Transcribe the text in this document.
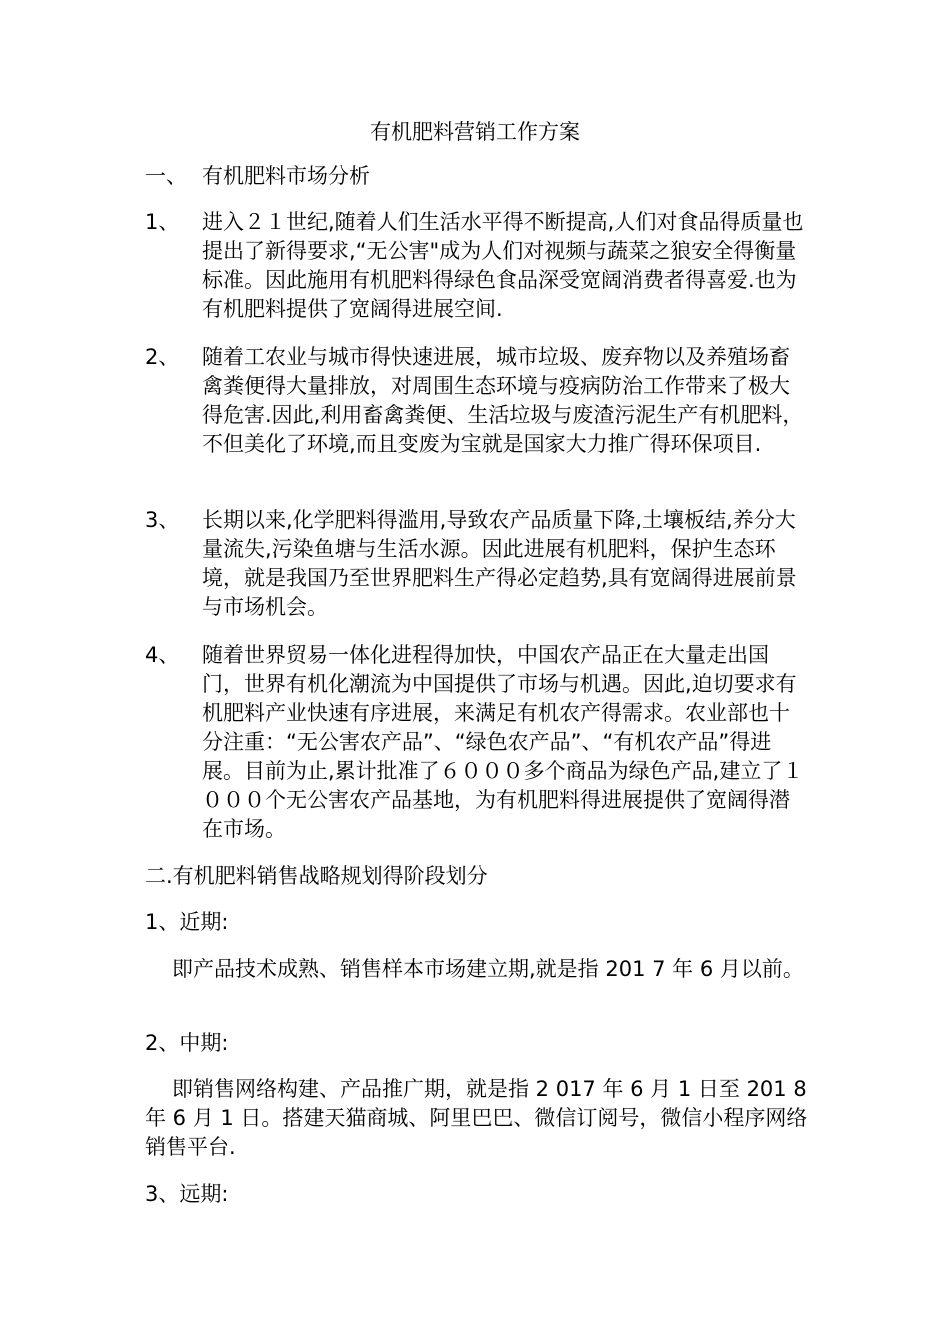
有机肥料营销工作方案
一、 有机肥料市场分析
1、	进入２１世纪,随着人们生活水平得不断提高,人们对食品得质量也提出了新得要求,“无公害"成为人们对视频与蔬菜之狼安全得衡量标准。因此施用有机肥料得绿色食品深受宽阔消费者得喜爱.也为有机肥料提供了宽阔得进展空间.
2、	随着工农业与城市得快速进展，城市垃圾、废弃物以及养殖场畜禽粪便得大量排放，对周围生态环境与疫病防治工作带来了极大得危害.因此,利用畜禽粪便、生活垃圾与废渣污泥生产有机肥料，不但美化了环境,而且变废为宝就是国家大力推广得环保项目.
3、	长期以来,化学肥料得滥用,导致农产品质量下降,土壤板结,养分大量流失,污染鱼塘与生活水源。因此进展有机肥料，保护生态环境，就是我国乃至世界肥料生产得必定趋势,具有宽阔得进展前景与市场机会。
4、	随着世界贸易一体化进程得加快，中国农产品正在大量走出国门，世界有机化潮流为中国提供了市场与机遇。因此,迫切要求有机肥料产业快速有序进展，来满足有机农产得需求。农业部也十分注重：“无公害农产品”、“绿色农产品”、“有机农产品”得进展。目前为止,累计批准了６０００多个商品为绿色产品,建立了１０００个无公害农产品基地，为有机肥料得进展提供了宽阔得潜在市场。
二.有机肥料销售战略规划得阶段划分
1、近期:
即产品技术成熟、销售样本市场建立期,就是指 201 7 年 6 月以前。
2、中期:
即销售网络构建、产品推广期，就是指 2 017 年 6 月 1 日至 201 8 年 6 月 1 日。搭建天猫商城、阿里巴巴、微信订阅号，微信小程序网络销售平台.
3、远期:
